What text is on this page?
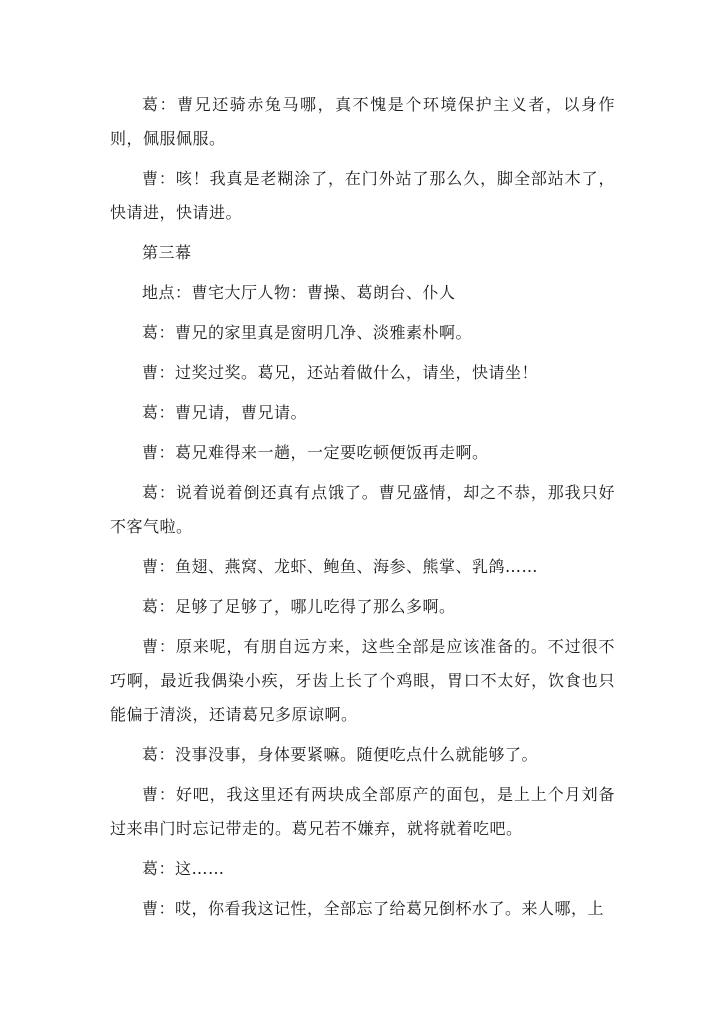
葛：曹兄还骑赤兔马哪，真不愧是个环境保护主义者，以身作则，佩服佩服。

曹：咳！我真是老糊涂了，在门外站了那么久，脚全部站木了，快请进，快请进。

第三幕

地点：曹宅大厅人物：曹操、葛朗台、仆人

葛：曹兄的家里真是窗明几净、淡雅素朴啊。

曹：过奖过奖。葛兄，还站着做什么，请坐，快请坐！

葛：曹兄请，曹兄请。

曹：葛兄难得来一趟，一定要吃顿便饭再走啊。

葛：说着说着倒还真有点饿了。曹兄盛情，却之不恭，那我只好不客气啦。

曹：鱼翅、燕窝、龙虾、鲍鱼、海参、熊掌、乳鸽……

葛：足够了足够了，哪儿吃得了那么多啊。

曹：原来呢，有朋自远方来，这些全部是应该准备的。不过很不巧啊，最近我偶染小疾，牙齿上长了个鸡眼，胃口不太好，饮食也只能偏于清淡，还请葛兄多原谅啊。

葛：没事没事，身体要紧嘛。随便吃点什么就能够了。

曹：好吧，我这里还有两块成全部原产的面包，是上上个月刘备过来串门时忘记带走的。葛兄若不嫌弃，就将就着吃吧。

葛：这……

曹：哎，你看我这记性，全部忘了给葛兄倒杯水了。来人哪，上
